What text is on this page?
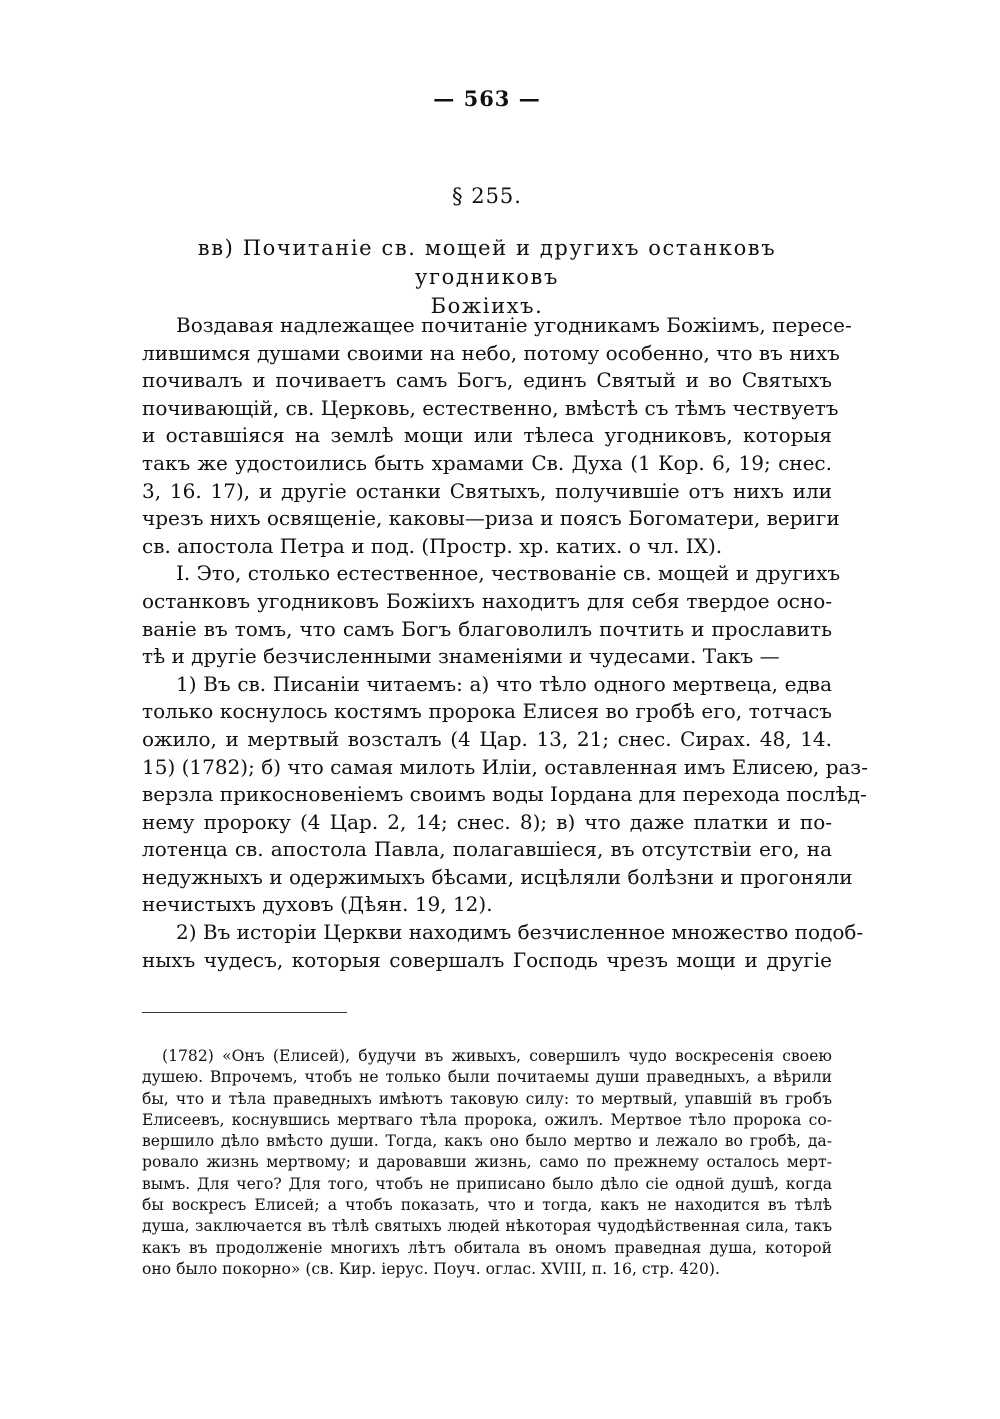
— 563 —
§ 255.
вв) Почитаніе св. мощей и другихъ останковъ угодниковъ
Божіихъ.

Воздавая надлежащее почитаніе угодникамъ Божіимъ, пересе-
лившимся душами своими на небо, потому особенно, что въ нихъ
почивалъ и почиваетъ самъ Богъ, единъ Святый и во Святыхъ
почивающій, св. Церковь, естественно, вмѣстѣ съ тѣмъ чествуетъ
и оставшіяся на землѣ мощи или тѣлеса угодниковъ, которыя
такъ же удостоились быть храмами Св. Духа (1 Кор. 6, 19; снес.
3, 16. 17), и другіе останки Святыхъ, получившіе отъ нихъ или
чрезъ нихъ освященіе, каковы—риза и поясъ Богоматери, вериги
св. апостола Петра и под. (Простр. хр. катих. о чл. IX).

I. Это, столько естественное, чествованіе св. мощей и другихъ
останковъ угодниковъ Божіихъ находитъ для себя твердое осно-
ваніе въ томъ, что самъ Богъ благоволилъ почтить и прославить
тѣ и другіе безчисленными знаменіями и чудесами. Такъ —

1) Въ св. Писаніи читаемъ: а) что тѣло одного мертвеца, едва
только коснулось костямъ пророка Елисея во гробѣ его, тотчасъ
ожило, и мертвый возсталъ (4 Цар. 13, 21; снес. Сирах. 48, 14.
15) (1782); б) что самая милоть Иліи, оставленная имъ Елисею, раз-
верзла прикосновеніемъ своимъ воды Іордана для перехода послѣд-
нему пророку (4 Цар. 2, 14; снес. 8); в) что даже платки и по-
лотенца св. апостола Павла, полагавшіеся, въ отсутствіи его, на
недужныхъ и одержимыхъ бѣсами, исцѣляли болѣзни и прогоняли
нечистыхъ духовъ (Дѣян. 19, 12).

2) Въ исторіи Церкви находимъ безчисленное множество подоб-
ныхъ чудесъ, которыя совершалъ Господь чрезъ мощи и другіе

(1782) «Онъ (Елисей), будучи въ живыхъ, совершилъ чудо воскресенія своею
душею. Впрочемъ, чтобъ не только были почитаемы души праведныхъ, а вѣрили
бы, что и тѣла праведныхъ имѣютъ таковую силу: то мертвый, упавшій въ гробъ
Елисеевъ, коснувшись мертваго тѣла пророка, ожилъ. Мертвое тѣло пророка со-
вершило дѣло вмѣсто души. Тогда, какъ оно было мертво и лежало во гробѣ, да-
ровало жизнь мертвому; и даровавши жизнь, само по прежнему осталось мерт-
вымъ. Для чего? Для того, чтобъ не приписано было дѣло сіе одной душѣ, когда
бы воскресъ Елисей; а чтобъ показать, что и тогда, какъ не находится въ тѣлѣ
душа, заключается въ тѣлѣ святыхъ людей нѣкоторая чудодѣйственная сила, такъ
какъ въ продолженіе многихъ лѣтъ обитала въ ономъ праведная душа, которой
оно было покорно» (св. Кир. іерус. Поуч. оглас. XVIII, п. 16, стр. 420).
